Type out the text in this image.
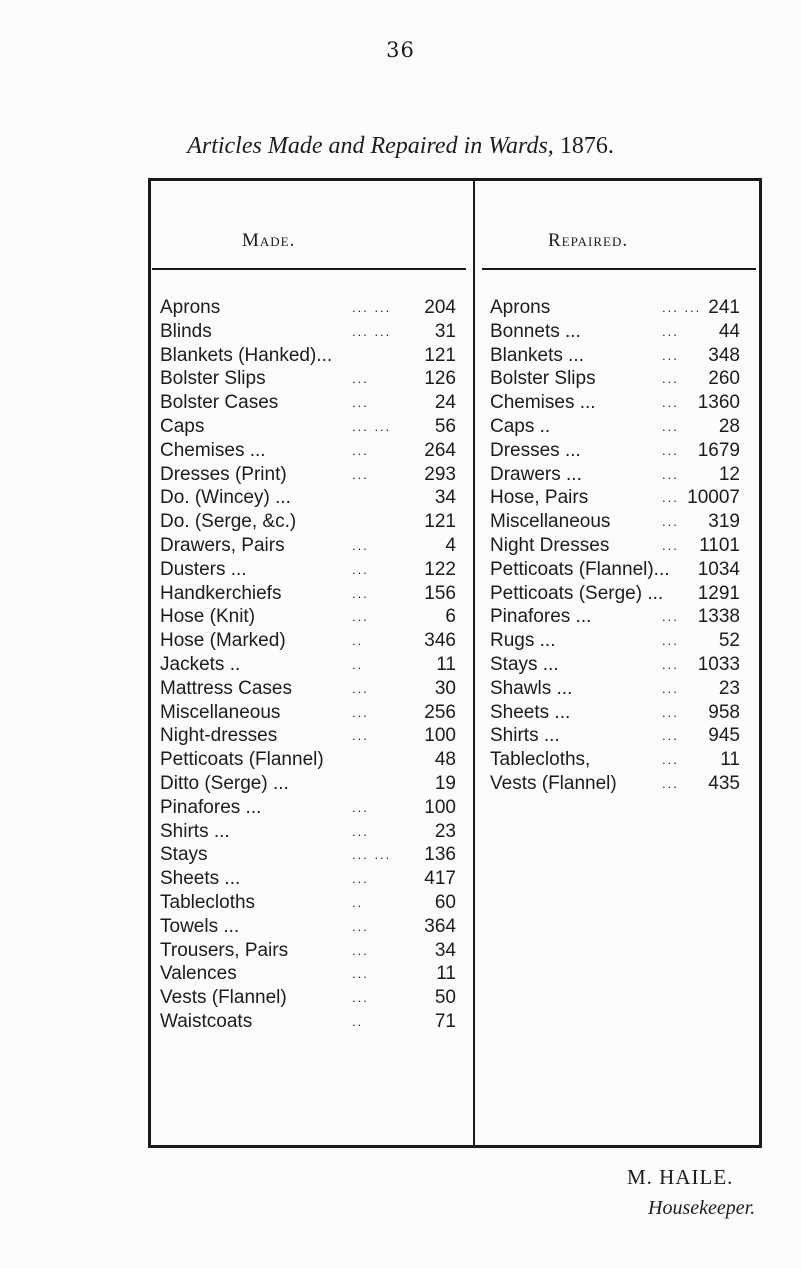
36
Articles Made and Repaired in Wards, 1876.
Made.	Repaired.
Aprons	... ... 204
Blinds	... ... 31
Blankets (Hanked)...	121
Bolster Slips	...	126
Bolster Cases	...	24
Caps	... ... 56
Chemises ...	...	264
Dresses (Print)	...	293
Do. (Wincey) ...	34
Do. (Serge, &c.)	121
Drawers, Pairs	...	4
Dusters ...	...	122
Handkerchiefs	...	156
Hose (Knit)	...	6
Hose (Marked)	..	346
Jackets ..	..	11
Mattress Cases	...	30
Miscellaneous	...	256
Night-dresses	...	100
Petticoats (Flannel)	48
Ditto (Serge) ...	19
Pinafores ...	...	100
Shirts ...	...	23
Stays	... ... 136
Sheets ...	...	417
Tablecloths	..	60
Towels ...	...	364
Trousers, Pairs	...	34
Valences	...	11
Vests (Flannel)	...	50
Waistcoats	..	71
Aprons	... ... 241
Bonnets ...	... 44
Blankets ...	... 348
Bolster Slips	... 260
Chemises ...	... 1360
Caps ..	... 28
Dresses ...	... 1679
Drawers ...	... 12
Hose, Pairs	... 10007
Miscellaneous	... 319
Night Dresses	... 1101
Petticoats (Flannel)... 1034
Petticoats (Serge) ... 1291
Pinafores ...	... 1338
Rugs ...	... 52
Stays ...	... 1033
Shawls ...	... 23
Sheets ...	... 958
Shirts ...	... 945
Tablecloths,	... 11
Vests (Flannel)	... 435
M. HAILE.
Housekeeper.
